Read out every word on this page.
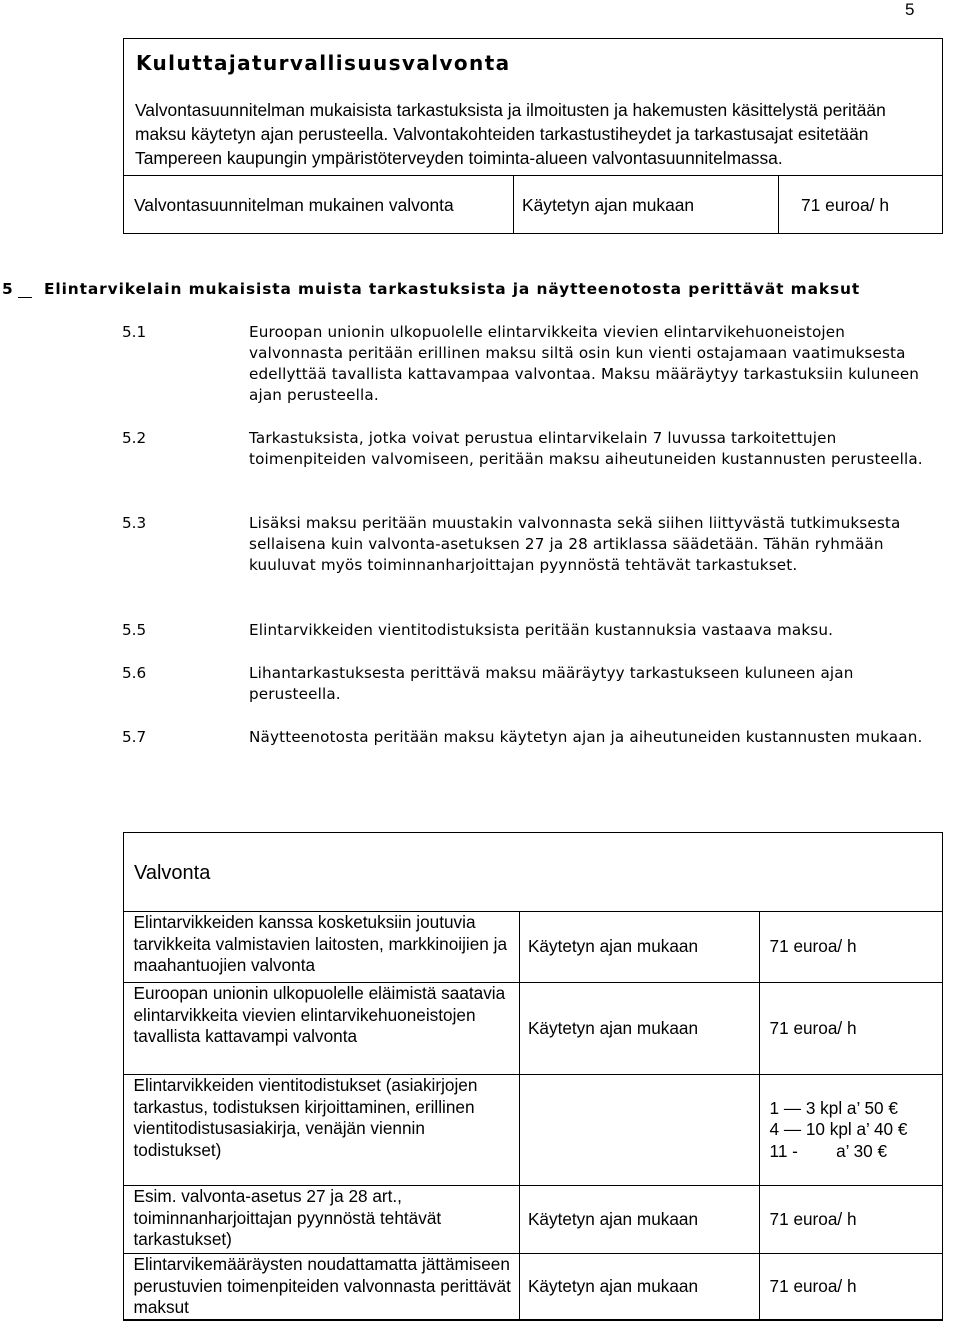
5
Kuluttajaturvallisuusvalvonta
Valvontasuunnitelman mukaisista tarkastuksista ja ilmoitusten ja hakemusten käsittelystä peritään maksu käytetyn ajan perusteella. Valvontakohteiden tarkastustiheydet ja tarkastusajat esitetään Tampereen kaupungin ympäristöterveyden toiminta-alueen valvontasuunnitelmassa.
Valvontasuunnitelman mukainen valvonta	Käytetyn ajan mukaan	71 euroa/ h
5 Elintarvikelain mukaisista muista tarkastuksista ja näytteenotosta perittävät maksut
5.1	Euroopan unionin ulkopuolelle elintarvikkeita vievien elintarvikehuoneistojen valvonnasta peritään erillinen maksu siltä osin kun vienti ostajamaan vaatimuksesta edellyttää tavallista kattavampaa valvontaa. Maksu määräytyy tarkastuksiin kuluneen ajan perusteella.
5.2	Tarkastuksista, jotka voivat perustua elintarvikelain 7 luvussa tarkoitettujen toimenpiteiden valvomiseen, peritään maksu aiheutuneiden kustannusten perusteella.
5.3	Lisäksi maksu peritään muustakin valvonnasta sekä siihen liittyvästä tutkimuksesta sellaisena kuin valvonta-asetuksen 27 ja 28 artiklassa säädetään. Tähän ryhmään kuuluvat myös toiminnanharjoittajan pyynnöstä tehtävät tarkastukset.
5.5	Elintarvikkeiden vientitodistuksista peritään kustannuksia vastaava maksu.
5.6	Lihantarkastuksesta perittävä maksu määräytyy tarkastukseen kuluneen ajan perusteella.
5.7	Näytteenotosta peritään maksu käytetyn ajan ja aiheutuneiden kustannusten mukaan.
Valvonta
Elintarvikkeiden kanssa kosketuksiin joutuvia tarvikkeita valmistavien laitosten, markkinoijien ja maahantuojien valvonta	Käytetyn ajan mukaan	71 euroa/ h
Euroopan unionin ulkopuolelle eläimistä saatavia elintarvikkeita vievien elintarvikehuoneistojen tavallista kattavampi valvonta	Käytetyn ajan mukaan	71 euroa/ h
Elintarvikkeiden vientitodistukset (asiakirjojen tarkastus, todistuksen kirjoittaminen, erillinen vientitodistusasiakirja, venäjän viennin todistukset)		1 — 3 kpl a’ 50 €
4 — 10 kpl a’ 40 €
11 -        a’ 30 €

Esim. valvonta-asetus 27 ja 28 art., toiminnanharjoittajan pyynnöstä tehtävät tarkastukset)	Käytetyn ajan mukaan	71 euroa/ h
Elintarvikemääräysten noudattamatta jättämiseen perustuvien toimenpiteiden valvonnasta perittävät maksut	Käytetyn ajan mukaan	71 euroa/ h
